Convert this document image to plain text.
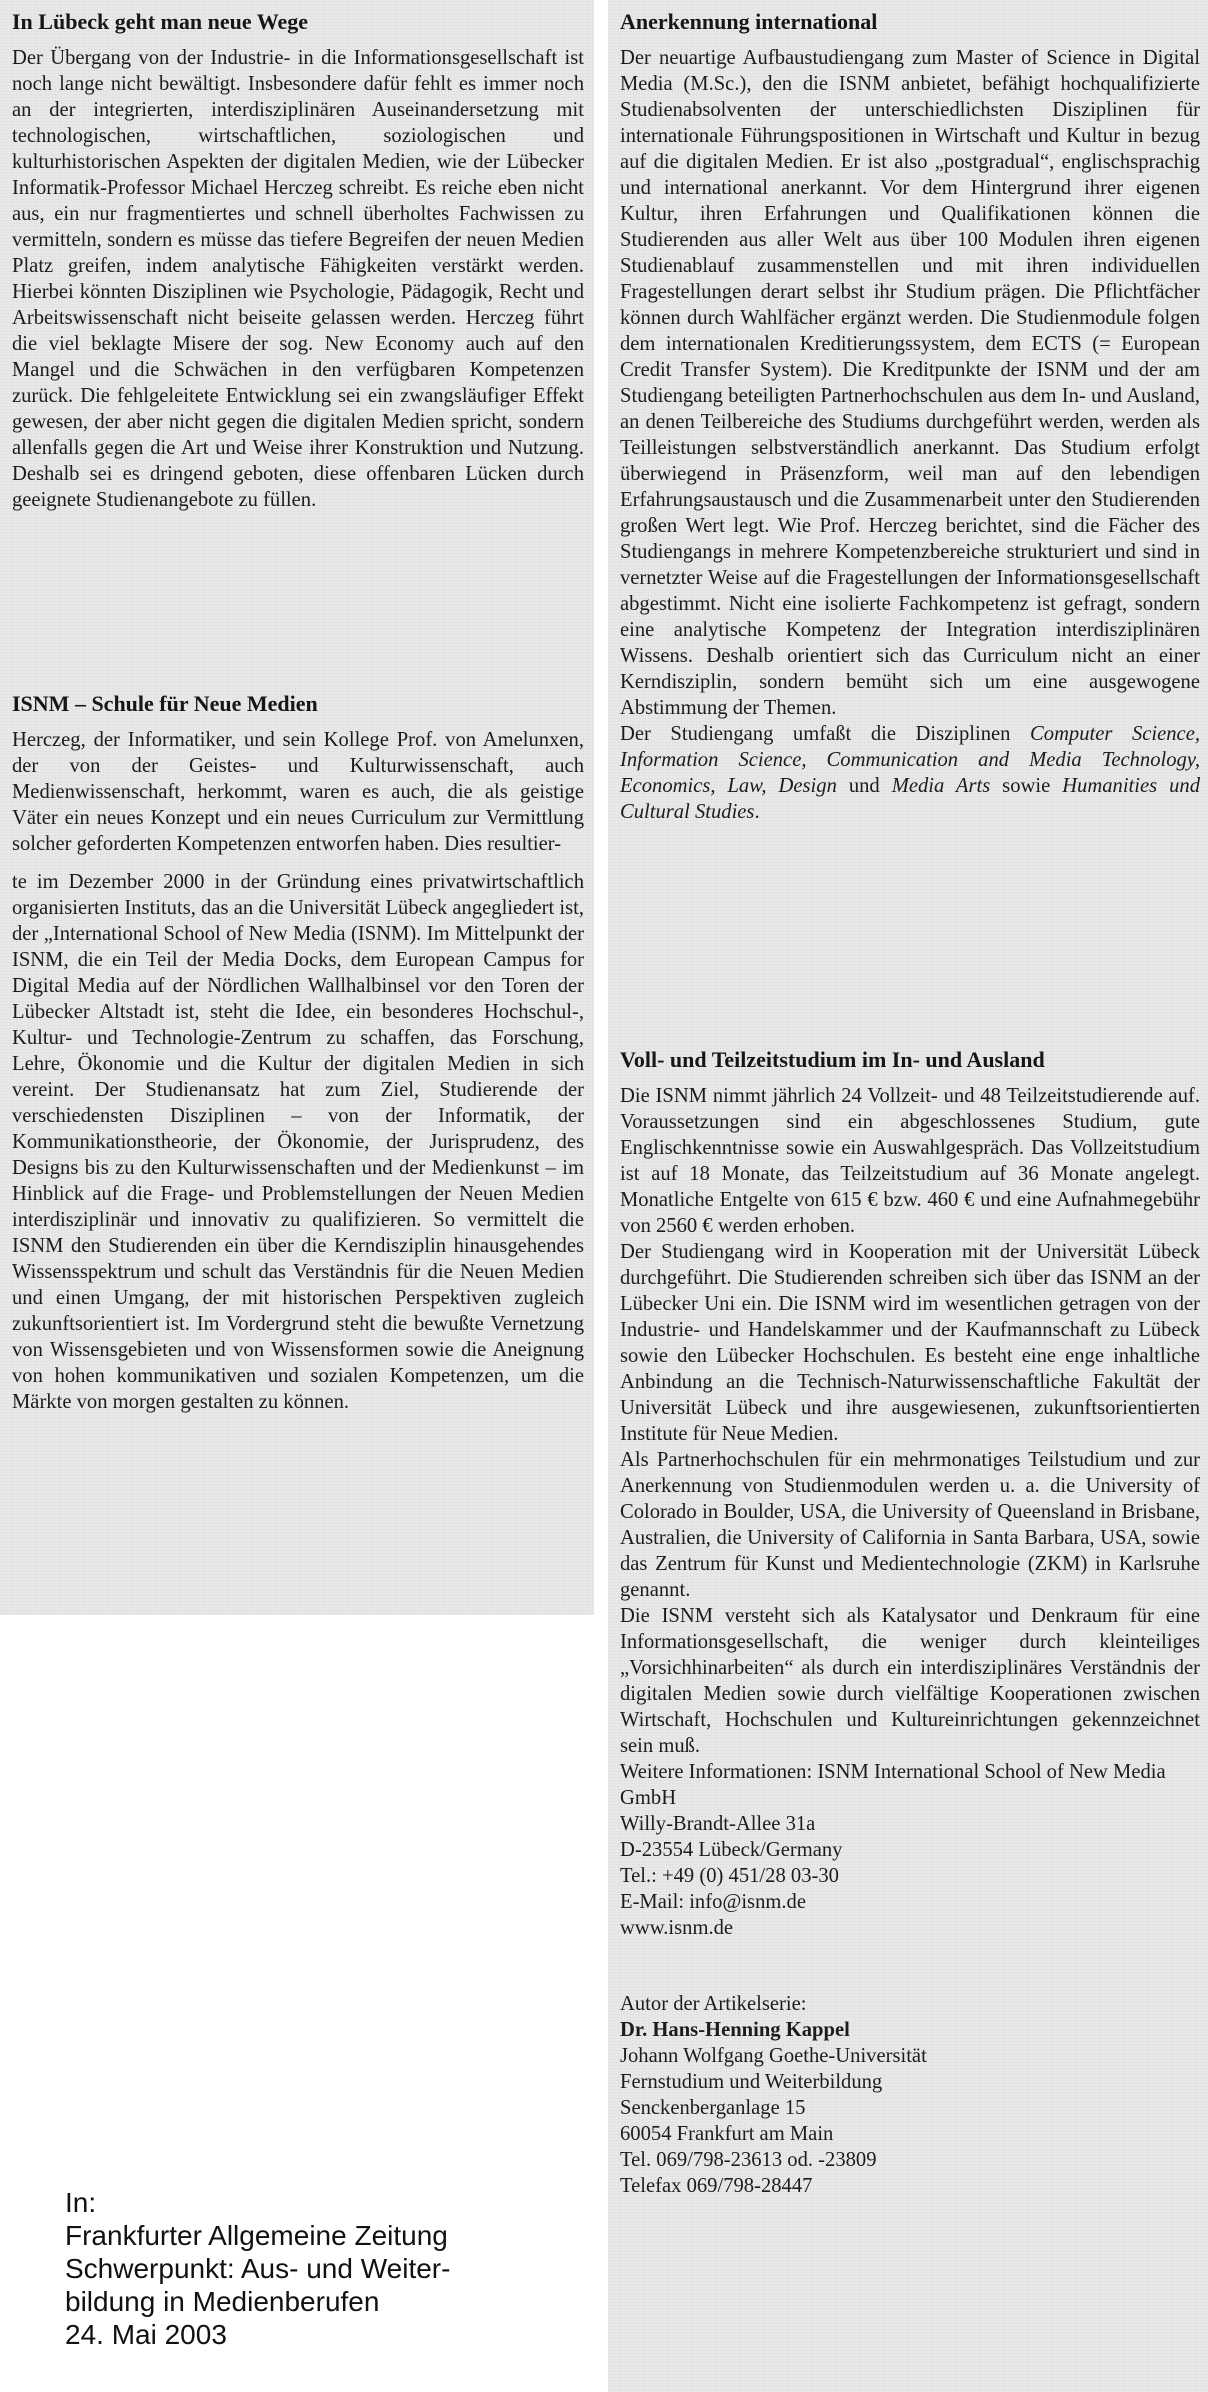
In Lübeck geht man neue Wege

Der Übergang von der Industrie- in die Informationsgesellschaft ist noch lange nicht bewältigt. Insbesondere dafür fehlt es immer noch an der integrierten, interdisziplinären Auseinandersetzung mit technologischen, wirtschaftlichen, soziologischen und kulturhistorischen Aspekten der digitalen Medien, wie der Lübecker Informatik-Professor Michael Herczeg schreibt. Es reiche eben nicht aus, ein nur fragmentiertes und schnell überholtes Fachwissen zu vermitteln, sondern es müsse das tiefere Begreifen der neuen Medien Platz greifen, indem analytische Fähigkeiten verstärkt werden. Hierbei könnten Disziplinen wie Psychologie, Pädagogik, Recht und Arbeitswissenschaft nicht beiseite gelassen werden. Herczeg führt die viel beklagte Misere der sog. New Economy auch auf den Mangel und die Schwächen in den verfügbaren Kompetenzen zurück. Die fehlgeleitete Entwicklung sei ein zwangsläufiger Effekt gewesen, der aber nicht gegen die digitalen Medien spricht, sondern allenfalls gegen die Art und Weise ihrer Konstruktion und Nutzung. Deshalb sei es dringend geboten, diese offenbaren Lücken durch geeignete Studienangebote zu füllen.

ISNM – Schule für Neue Medien

Herczeg, der Informatiker, und sein Kollege Prof. von Amelunxen, der von der Geistes- und Kulturwissenschaft, auch Medienwissenschaft, herkommt, waren es auch, die als geistige Väter ein neues Konzept und ein neues Curriculum zur Vermittlung solcher geforderten Kompetenzen entworfen haben. Dies resultier-

te im Dezember 2000 in der Gründung eines privatwirtschaftlich organisierten Instituts, das an die Universität Lübeck angegliedert ist, der „International School of New Media (ISNM). Im Mittelpunkt der ISNM, die ein Teil der Media Docks, dem European Campus for Digital Media auf der Nördlichen Wallhalbinsel vor den Toren der Lübecker Altstadt ist, steht die Idee, ein besonderes Hochschul-, Kultur- und Technologie-Zentrum zu schaffen, das Forschung, Lehre, Ökonomie und die Kultur der digitalen Medien in sich vereint. Der Studienansatz hat zum Ziel, Studierende der verschiedensten Disziplinen – von der Informatik, der Kommunikationstheorie, der Ökonomie, der Jurisprudenz, des Designs bis zu den Kulturwissenschaften und der Medienkunst – im Hinblick auf die Frage- und Problemstellungen der Neuen Medien interdisziplinär und innovativ zu qualifizieren. So vermittelt die ISNM den Studierenden ein über die Kerndisziplin hinausgehendes Wissensspektrum und schult das Verständnis für die Neuen Medien und einen Umgang, der mit historischen Perspektiven zugleich zukunftsorientiert ist. Im Vordergrund steht die bewußte Vernetzung von Wissensgebieten und von Wissensformen sowie die Aneignung von hohen kommunikativen und sozialen Kompetenzen, um die Märkte von morgen gestalten zu können.

Anerkennung international

Der neuartige Aufbaustudiengang zum Master of Science in Digital Media (M.Sc.), den die ISNM anbietet, befähigt hochqualifizierte Studienabsolventen der unterschiedlichsten Disziplinen für internationale Führungspositionen in Wirtschaft und Kultur in bezug auf die digitalen Medien. Er ist also „postgradual“, englischsprachig und international anerkannt. Vor dem Hintergrund ihrer eigenen Kultur, ihren Erfahrungen und Qualifikationen können die Studierenden aus aller Welt aus über 100 Modulen ihren eigenen Studienablauf zusammenstellen und mit ihren individuellen Fragestellungen derart selbst ihr Studium prägen. Die Pflichtfächer können durch Wahlfächer ergänzt werden. Die Studienmodule folgen dem internationalen Kreditierungssystem, dem ECTS (= European Credit Transfer System). Die Kreditpunkte der ISNM und der am Studiengang beteiligten Partnerhochschulen aus dem In- und Ausland, an denen Teilbereiche des Studiums durchgeführt werden, werden als Teilleistungen selbstverständlich anerkannt. Das Studium erfolgt überwiegend in Präsenzform, weil man auf den lebendigen Erfahrungsaustausch und die Zusammenarbeit unter den Studierenden großen Wert legt. Wie Prof. Herczeg berichtet, sind die Fächer des Studiengangs in mehrere Kompetenzbereiche strukturiert und sind in vernetzter Weise auf die Fragestellungen der Informationsgesellschaft abgestimmt. Nicht eine isolierte Fachkompetenz ist gefragt, sondern eine analytische Kompetenz der Integration interdisziplinären Wissens. Deshalb orientiert sich das Curriculum nicht an einer Kerndisziplin, sondern bemüht sich um eine ausgewogene Abstimmung der Themen.

Der Studiengang umfaßt die Disziplinen Computer Science, Information Science, Communication and Media Technology, Economics, Law, Design und Media Arts sowie Humanities und Cultural Studies.

Voll- und Teilzeitstudium im In- und Ausland

Die ISNM nimmt jährlich 24 Vollzeit- und 48 Teilzeitstudierende auf. Voraussetzungen sind ein abgeschlossenes Studium, gute Englischkenntnisse sowie ein Auswahlgespräch. Das Vollzeitstudium ist auf 18 Monate, das Teilzeitstudium auf 36 Monate angelegt. Monatliche Entgelte von 615 € bzw. 460 € und eine Aufnahmegebühr von 2560 € werden erhoben.

Der Studiengang wird in Kooperation mit der Universität Lübeck durchgeführt. Die Studierenden schreiben sich über das ISNM an der Lübecker Uni ein. Die ISNM wird im wesentlichen getragen von der Industrie- und Handelskammer und der Kaufmannschaft zu Lübeck sowie den Lübecker Hochschulen. Es besteht eine enge inhaltliche Anbindung an die Technisch-Naturwissenschaftliche Fakultät der Universität Lübeck und ihre ausgewiesenen, zukunftsorientierten Institute für Neue Medien.

Als Partnerhochschulen für ein mehrmonatiges Teilstudium und zur Anerkennung von Studienmodulen werden u. a. die University of Colorado in Boulder, USA, die University of Queensland in Brisbane, Australien, die University of California in Santa Barbara, USA, sowie das Zentrum für Kunst und Medientechnologie (ZKM) in Karlsruhe genannt.

Die ISNM versteht sich als Katalysator und Denkraum für eine Informationsgesellschaft, die weniger durch kleinteiliges „Vorsichhinarbeiten“ als durch ein interdisziplinäres Verständnis der digitalen Medien sowie durch vielfältige Kooperationen zwischen Wirtschaft, Hochschulen und Kultureinrichtungen gekennzeichnet sein muß.

Weitere Informationen: ISNM International School of New Media GmbH

Willy-Brandt-Allee 31a
D-23554 Lübeck/Germany
Tel.: +49 (0) 451/28 03-30
E-Mail: info@isnm.de
www.isnm.de
Autor der Artikelserie:
Dr. Hans-Henning Kappel
Johann Wolfgang Goethe-Universität
Fernstudium und Weiterbildung
Senckenberganlage 15
60054 Frankfurt am Main
Tel. 069/798-23613 od. -23809
Telefax 069/798-28447
In:
Frankfurter Allgemeine Zeitung
Schwerpunkt: Aus- und Weiter-
bildung in Medienberufen
24. Mai 2003
